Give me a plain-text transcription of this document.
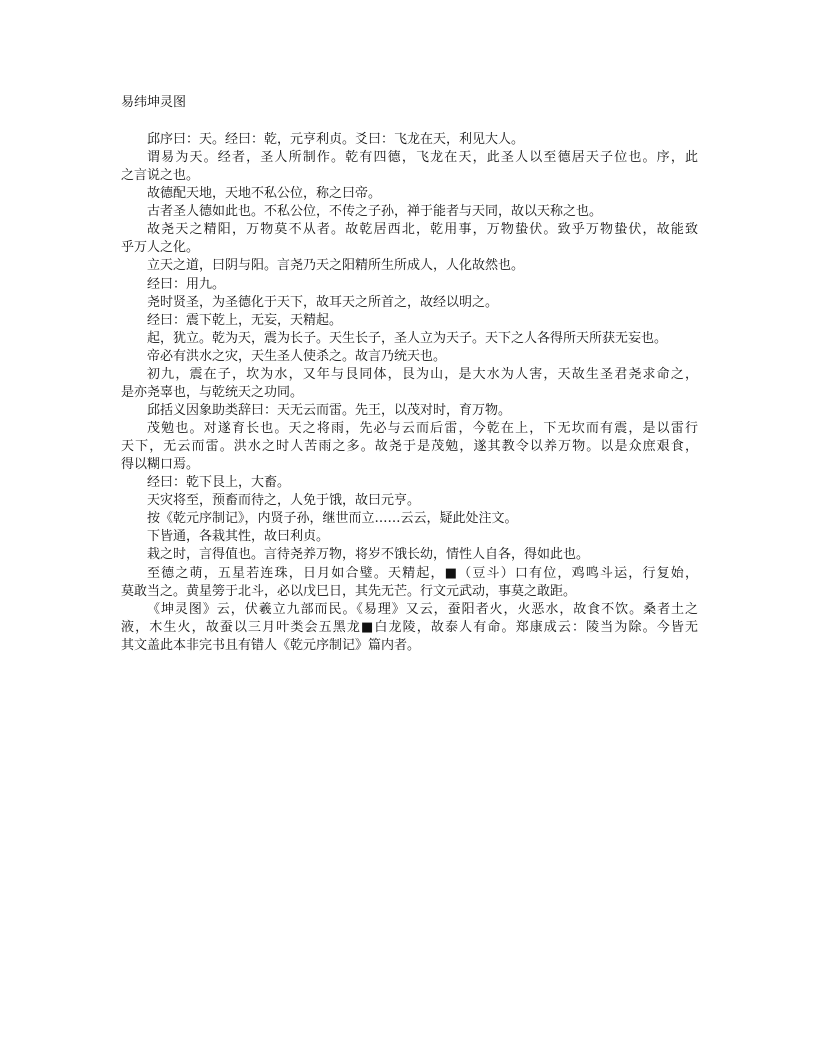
易纬坤灵图
邱序曰：天。经曰：乾，元亨利贞。爻曰：飞龙在天，利见大人。
谓易为天。经者，圣人所制作。乾有四德，飞龙在天，此圣人以至德居天子位也。序，此
之言说之也。
故德配天地，天地不私公位，称之曰帝。
古者圣人德如此也。不私公位，不传之子孙，禅于能者与天同，故以天称之也。
故尧天之精阳，万物莫不从者。故乾居西北，乾用事，万物蛰伏。致乎万物蛰伏，故能致
乎万人之化。
立天之道，曰阴与阳。言尧乃天之阳精所生所成人，人化故然也。
经曰：用九。
尧时贤圣，为圣德化于天下，故耳天之所首之，故经以明之。
经曰：震下乾上，无妄，天精起。
起，犹立。乾为天，震为长子。天生长子，圣人立为天子。天下之人各得所天所获无妄也。
帝必有洪水之灾，天生圣人使杀之。故言乃统天也。
初九，震在子，坎为水，又年与艮同体，艮为山，是大水为人害，天故生圣君尧求命之，
是亦尧辜也，与乾统天之功同。
邱括义因象助类辞曰：天无云而雷。先王，以茂对时，育万物。
茂勉也。对遂育长也。天之将雨，先必与云而后雷，今乾在上，下无坎而有震，是以雷行
天下，无云而雷。洪水之时人苦雨之多。故尧于是茂勉，遂其教令以养万物。以是众庶艰食，
得以糊口焉。
经曰：乾下艮上，大畜。
天灾将至，预畜而待之，人免于饿，故曰元亨。
按《乾元序制记》，内贤子孙，继世而立……云云，疑此处注文。
下皆通，各栽其性，故曰利贞。
栽之时，言得值也。言待尧养万物，将岁不饿长幼，情性人自各，得如此也。
至德之萌，五星若连珠，日月如合璧。天精起，■（豆斗）口有位，鸡鸣斗运，行复始，
莫敢当之。黄星篣于北斗，必以戊巳日，其先无芒。行文元武动，事莫之敢距。
《坤灵图》云，伏羲立九部而民。《易理》又云，蚕阳者火，火恶水，故食不饮。桑者土之
液，木生火，故蚕以三月叶类会五黑龙■白龙陵，故泰人有命。郑康成云：陵当为除。今皆无
其文盖此本非完书且有错人《乾元序制记》篇内者。
